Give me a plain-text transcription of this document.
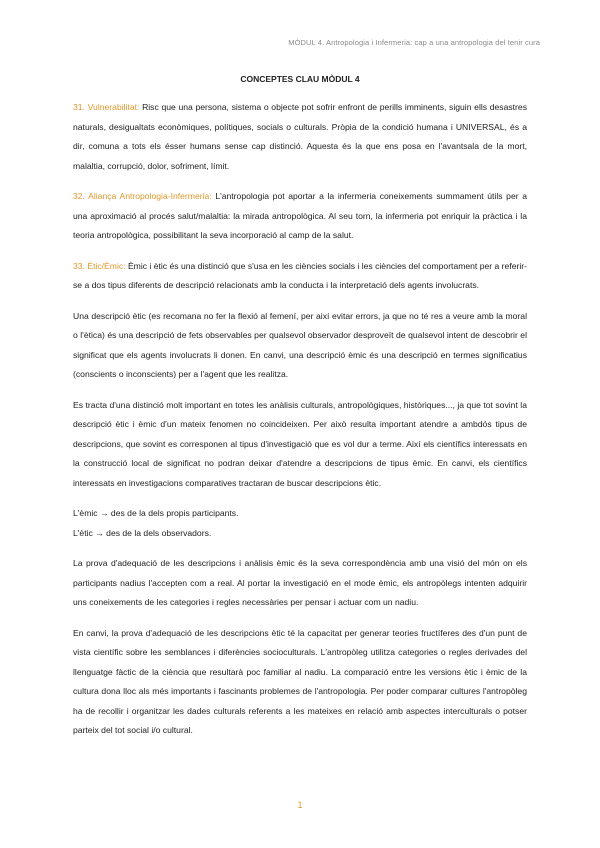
MÒDUL 4. Antropologia i Infermeria: cap a una antropologia del tenir cura
CONCEPTES CLAU MÒDUL 4

31. Vulnerabilitat: Risc que una persona, sistema o objecte pot sofrir enfront de perills imminents, siguin ells desastres naturals, desigualtats econòmiques, polítiques, socials o culturals. Pròpia de la condició humana i UNIVERSAL, és a dir, comuna a tots els ésser humans sense cap distinció. Aquesta és la que ens posa en l'avantsala de la mort, malaltia, corrupció, dolor, sofriment, límit.

32. Aliança Antropologia-Infermeria: L'antropologia pot aportar a la infermeria coneixements summament útils per a una aproximació al procés salut/malaltia: la mirada antropològica. Al seu torn, la infermeria pot enriquir la pràctica i la teoria antropològica, possibilitant la seva incorporació al camp de la salut.

33. Ètic/Èmic: Èmic i ètic és una distinció que s'usa en les ciències socials i les ciències del comportament per a referir-se a dos tipus diferents de descripció relacionats amb la conducta i la interpretació dels agents involucrats.

Una descripció ètic (es recomana no fer la flexió al femení, per així evitar errors, ja que no té res a veure amb la moral o l'ètica) és una descripció de fets observables per qualsevol observador desproveït de qualsevol intent de descobrir el significat que els agents involucrats li donen. En canvi, una descripció èmic és una descripció en termes significatius (conscients o inconscients) per a l'agent que les realitza.

Es tracta d'una distinció molt important en totes les anàlisis culturals, antropològiques, històriques..., ja que tot sovint la descripció ètic i èmic d'un mateix fenomen no coincideixen. Per això resulta important atendre a ambdós tipus de descripcions, que sovint es corresponen al tipus d'investigació que es vol dur a terme. Així els científics interessats en la construcció local de significat no podran deixar d'atendre a descripcions de tipus èmic. En canvi, els científics interessats en investigacions comparatives tractaran de buscar descripcions ètic.

L'èmic → des de la dels propis participants.

L'ètic → des de la dels observadors.

La prova d'adequació de les descripcions i anàlisis èmic és la seva correspondència amb una visió del món on els participants nadius l'accepten com a real. Al portar la investigació en el mode èmic, els antropòlegs intenten adquirir uns coneixements de les categories i regles necessàries per pensar i actuar com un nadiu.

En canvi, la prova d'adequació de les descripcions ètic té la capacitat per generar teories fructíferes des d'un punt de vista científic sobre les semblances i diferències socioculturals. L'antropòleg utilitza categories o regles derivades del llenguatge fàctic de la ciència que resultarà poc familiar al nadiu. La comparació entre les versions ètic i èmic de la cultura dona lloc als més importants i fascinants problemes de l'antropologia. Per poder comparar cultures l'antropòleg ha de recollir i organitzar les dades culturals referents a les mateixes en relació amb aspectes interculturals o potser parteix del tot social i/o cultural.

1
